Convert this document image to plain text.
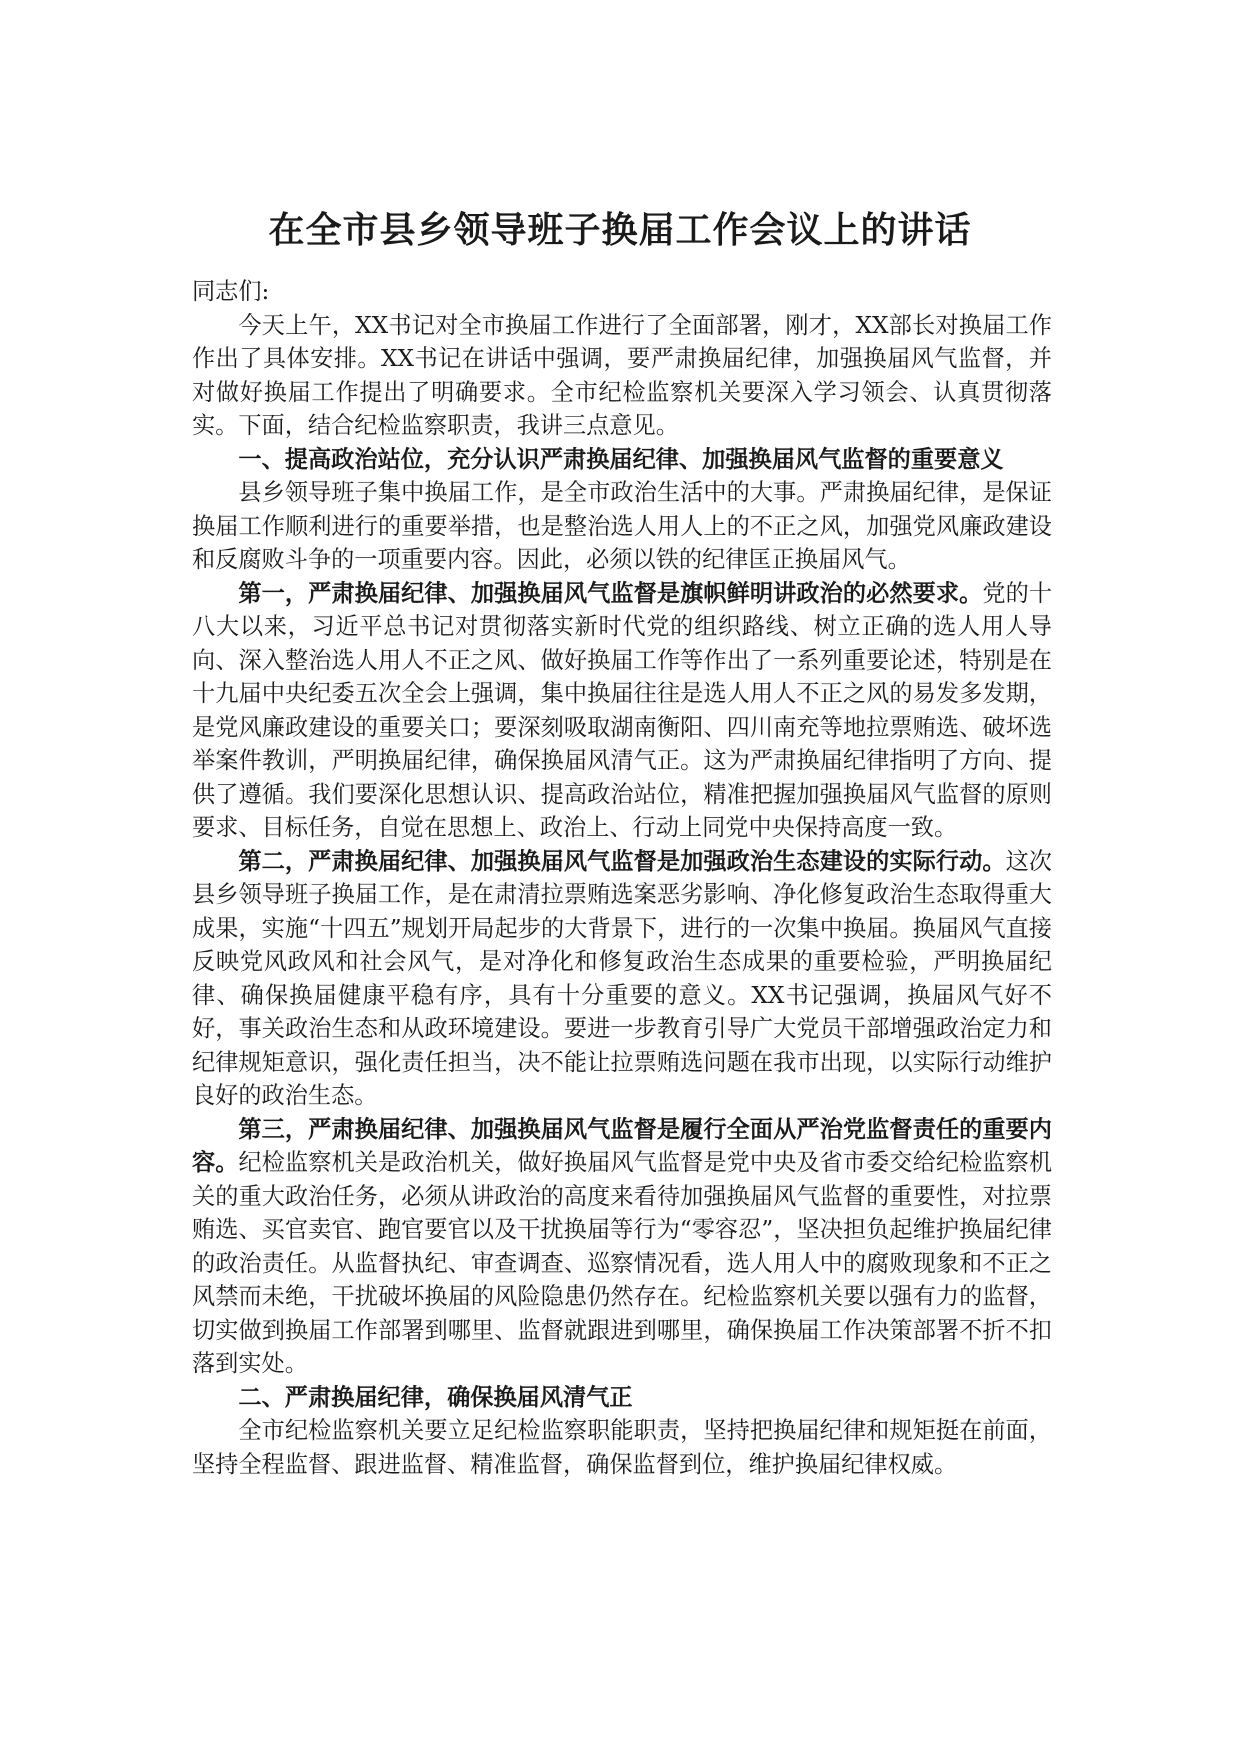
在全市县乡领导班子换届工作会议上的讲话

同志们:

今天上午，XX书记对全市换届工作进行了全面部署，刚才，XX部长对换届工作作出了具体安排。XX书记在讲话中强调，要严肃换届纪律，加强换届风气监督，并对做好换届工作提出了明确要求。全市纪检监察机关要深入学习领会、认真贯彻落实。下面，结合纪检监察职责，我讲三点意见。

一、提高政治站位，充分认识严肃换届纪律、加强换届风气监督的重要意义

县乡领导班子集中换届工作，是全市政治生活中的大事。严肃换届纪律，是保证换届工作顺利进行的重要举措，也是整治选人用人上的不正之风，加强党风廉政建设和反腐败斗争的一项重要内容。因此，必须以铁的纪律匡正换届风气。

第一，严肃换届纪律、加强换届风气监督是旗帜鲜明讲政治的必然要求。党的十八大以来，习近平总书记对贯彻落实新时代党的组织路线、树立正确的选人用人导向、深入整治选人用人不正之风、做好换届工作等作出了一系列重要论述，特别是在十九届中央纪委五次全会上强调，集中换届往往是选人用人不正之风的易发多发期，是党风廉政建设的重要关口；要深刻吸取湖南衡阳、四川南充等地拉票贿选、破坏选举案件教训，严明换届纪律，确保换届风清气正。这为严肃换届纪律指明了方向、提供了遵循。我们要深化思想认识、提高政治站位，精准把握加强换届风气监督的原则要求、目标任务，自觉在思想上、政治上、行动上同党中央保持高度一致。

第二，严肃换届纪律、加强换届风气监督是加强政治生态建设的实际行动。这次县乡领导班子换届工作，是在肃清拉票贿选案恶劣影响、净化修复政治生态取得重大成果，实施“十四五”规划开局起步的大背景下，进行的一次集中换届。换届风气直接反映党风政风和社会风气，是对净化和修复政治生态成果的重要检验，严明换届纪律、确保换届健康平稳有序，具有十分重要的意义。XX书记强调，换届风气好不好，事关政治生态和从政环境建设。要进一步教育引导广大党员干部增强政治定力和纪律规矩意识，强化责任担当，决不能让拉票贿选问题在我市出现，以实际行动维护良好的政治生态。

第三，严肃换届纪律、加强换届风气监督是履行全面从严治党监督责任的重要内容。纪检监察机关是政治机关，做好换届风气监督是党中央及省市委交给纪检监察机关的重大政治任务，必须从讲政治的高度来看待加强换届风气监督的重要性，对拉票贿选、买官卖官、跑官要官以及干扰换届等行为“零容忍”，坚决担负起维护换届纪律的政治责任。从监督执纪、审查调查、巡察情况看，选人用人中的腐败现象和不正之风禁而未绝，干扰破坏换届的风险隐患仍然存在。纪检监察机关要以强有力的监督，切实做到换届工作部署到哪里、监督就跟进到哪里，确保换届工作决策部署不折不扣落到实处。

二、严肃换届纪律，确保换届风清气正

全市纪检监察机关要立足纪检监察职能职责，坚持把换届纪律和规矩挺在前面，坚持全程监督、跟进监督、精准监督，确保监督到位，维护换届纪律权威。
